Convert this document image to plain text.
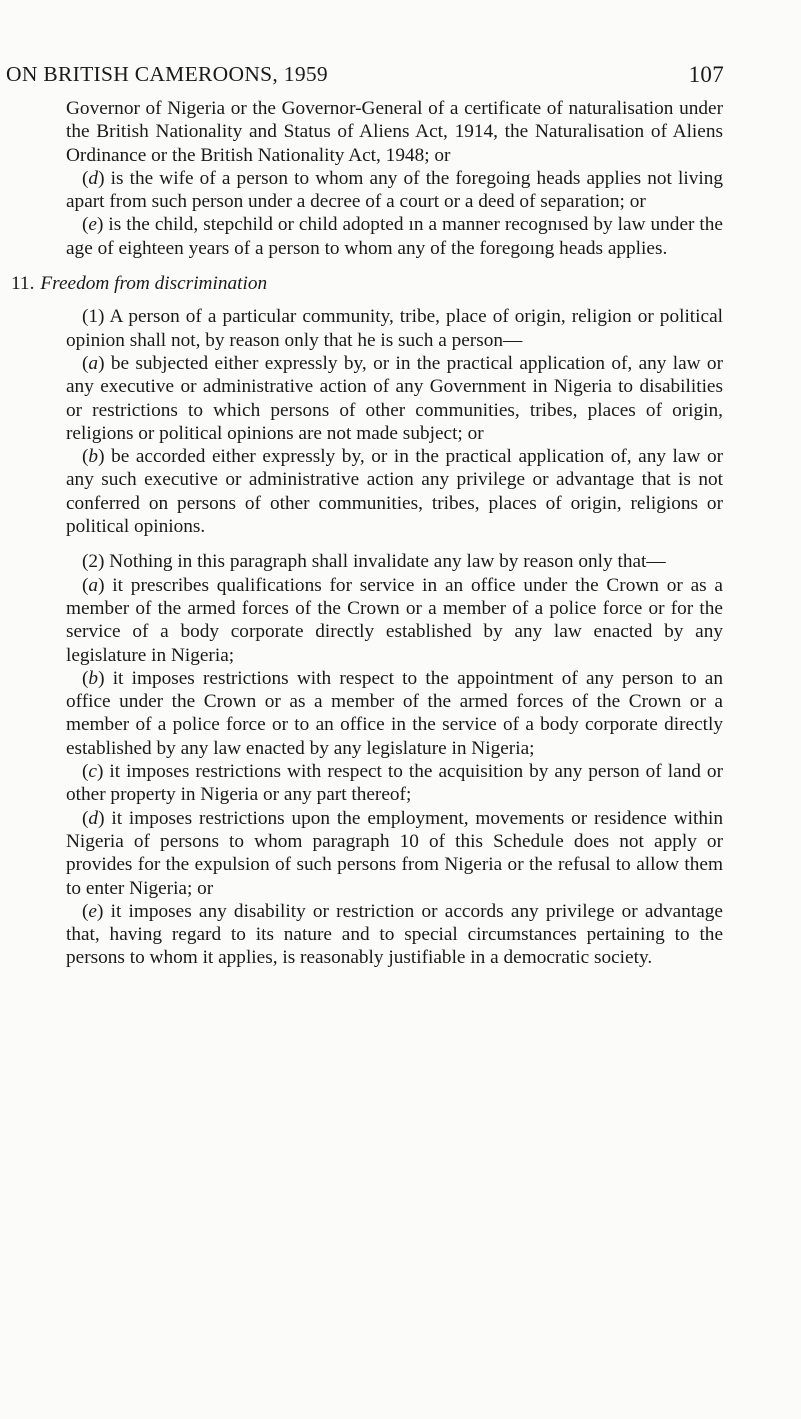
ON BRITISH CAMEROONS, 1959	107

Governor of Nigeria or the Governor-General of a certificate of naturalisation under the British Nationality and Status of Aliens Act, 1914, the Naturalisation of Aliens Ordinance or the British Nationality Act, 1948; or

(d) is the wife of a person to whom any of the foregoing heads applies not living apart from such person under a decree of a court or a deed of separation; or

(e) is the child, stepchild or child adopted ın a manner recognısed by law under the age of eighteen years of a person to whom any of the foregoıng heads applies.

11. Freedom from discrimination

(1) A person of a particular community, tribe, place of origin, religion or political opinion shall not, by reason only that he is such a person—

(a) be subjected either expressly by, or in the practical application of, any law or any executive or administrative action of any Government in Nigeria to disabilities or restrictions to which persons of other communities, tribes, places of origin, religions or political opinions are not made subject; or

(b) be accorded either expressly by, or in the practical application of, any law or any such executive or administrative action any privilege or advantage that is not conferred on persons of other communities, tribes, places of origin, religions or political opinions.

(2) Nothing in this paragraph shall invalidate any law by reason only that—

(a) it prescribes qualifications for service in an office under the Crown or as a member of the armed forces of the Crown or a member of a police force or for the service of a body corporate directly established by any law enacted by any legislature in Nigeria;

(b) it imposes restrictions with respect to the appointment of any person to an office under the Crown or as a member of the armed forces of the Crown or a member of a police force or to an office in the service of a body corporate directly established by any law enacted by any legislature in Nigeria;

(c) it imposes restrictions with respect to the acquisition by any person of land or other property in Nigeria or any part thereof;

(d) it imposes restrictions upon the employment, movements or residence within Nigeria of persons to whom paragraph 10 of this Schedule does not apply or provides for the expulsion of such persons from Nigeria or the refusal to allow them to enter Nigeria; or

(e) it imposes any disability or restriction or accords any privilege or advantage that, having regard to its nature and to special circumstances pertaining to the persons to whom it applies, is reasonably justifiable in a democratic society.
